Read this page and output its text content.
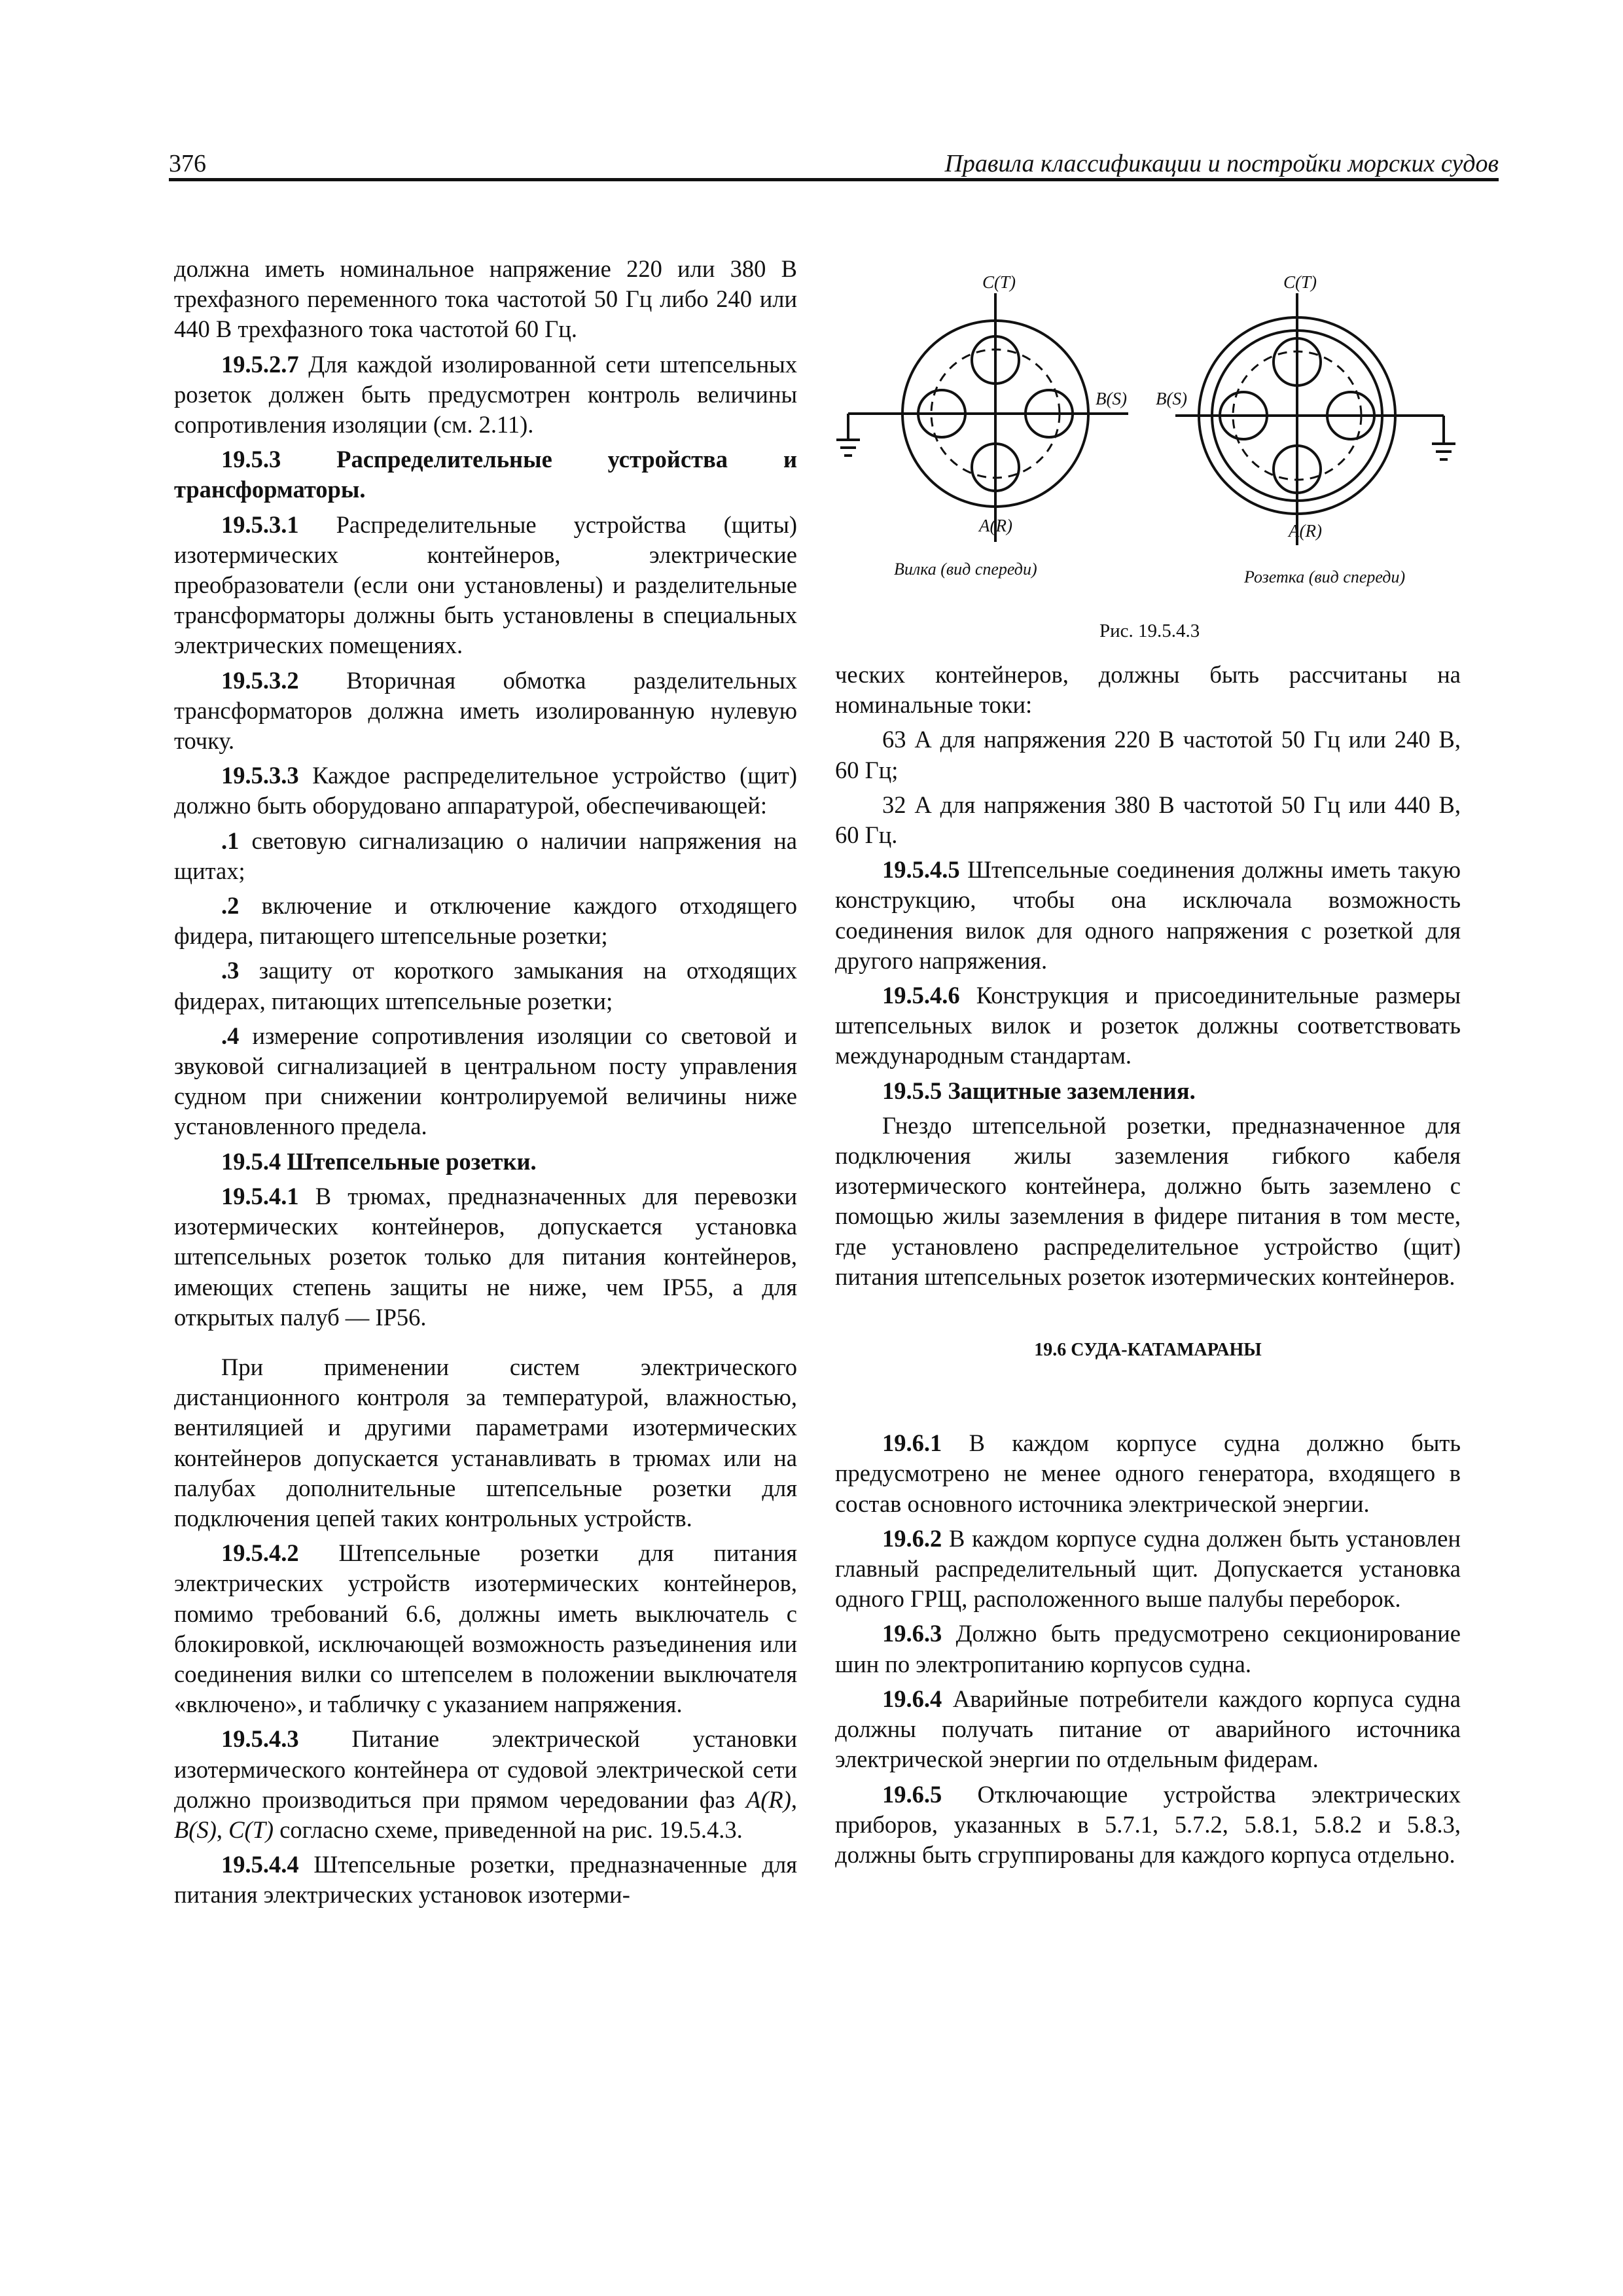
376	Правила классификации и постройки морских судов

должна иметь номинальное напряжение 220 или 380 В трехфазного переменного тока частотой 50 Гц либо 240 или 440 В трехфазного тока частотой 60 Гц.

19.5.2.7 Для каждой изолированной сети штепсельных розеток должен быть предусмотрен контроль величины сопротивления изоляции (см. 2.11).

19.5.3 Распределительные устройства и трансформаторы.

19.5.3.1 Распределительные устройства (щиты) изотермических контейнеров, электрические преобразователи (если они установлены) и разделительные трансформаторы должны быть установлены в специальных электрических помещениях.

19.5.3.2 Вторичная обмотка разделительных трансформаторов должна иметь изолированную нулевую точку.

19.5.3.3 Каждое распределительное устройство (щит) должно быть оборудовано аппаратурой, обеспечивающей:

.1 световую сигнализацию о наличии напряжения на щитах;

.2 включение и отключение каждого отходящего фидера, питающего штепсельные розетки;

.3 защиту от короткого замыкания на отходящих фидерах, питающих штепсельные розетки;

.4 измерение сопротивления изоляции со световой и звуковой сигнализацией в центральном посту управления судном при снижении контролируемой величины ниже установленного предела.

19.5.4 Штепсельные розетки.

19.5.4.1 В трюмах, предназначенных для перевозки изотермических контейнеров, допускается установка штепсельных розеток только для питания контейнеров, имеющих степень защиты не ниже, чем IP55, а для открытых палуб — IP56.

При применении систем электрического дистанционного контроля за температурой, влажностью, вентиляцией и другими параметрами изотермических контейнеров допускается устанавливать в трюмах или на палубах дополнительные штепсельные розетки для подключения цепей таких контрольных устройств.

19.5.4.2 Штепсельные розетки для питания электрических устройств изотермических контейнеров, помимо требований 6.6, должны иметь выключатель с блокировкой, исключающей возможность разъединения или соединения вилки со штепселем в положении выключателя «включено», и табличку с указанием напряжения.

19.5.4.3 Питание электрической установки изотермического контейнера от судовой электрической сети должно производиться при прямом чередовании фаз A(R), B(S), C(T) согласно схеме, приведенной на рис. 19.5.4.3.

19.5.4.4 Штепсельные розетки, предназначенные для питания электрических установок изотерми-

C(T)
B(S)
A(R)
Вилка (вид спереди)
C(T)
B(S)
A(R)
Розетка (вид спереди)
Рис. 19.5.4.3

ческих контейнеров, должны быть рассчитаны на номинальные токи:

63 А для напряжения 220 В частотой 50 Гц или 240 В, 60 Гц;

32 А для напряжения 380 В частотой 50 Гц или 440 В, 60 Гц.

19.5.4.5 Штепсельные соединения должны иметь такую конструкцию, чтобы она исключала возможность соединения вилок для одного напряжения с розеткой для другого напряжения.

19.5.4.6 Конструкция и присоединительные размеры штепсельных вилок и розеток должны соответствовать международным стандартам.

19.5.5 Защитные заземления.

Гнездо штепсельной розетки, предназначенное для подключения жилы заземления гибкого кабеля изотермического контейнера, должно быть заземлено с помощью жилы заземления в фидере питания в том месте, где установлено распределительное устройство (щит) питания штепсельных розеток изотермических контейнеров.

19.6 СУДА-КАТАМАРАНЫ

19.6.1 В каждом корпусе судна должно быть предусмотрено не менее одного генератора, входящего в состав основного источника электрической энергии.

19.6.2 В каждом корпусе судна должен быть установлен главный распределительный щит. Допускается установка одного ГРЩ, расположенного выше палубы переборок.

19.6.3 Должно быть предусмотрено секционирование шин по электропитанию корпусов судна.

19.6.4 Аварийные потребители каждого корпуса судна должны получать питание от аварийного источника электрической энергии по отдельным фидерам.

19.6.5 Отключающие устройства электрических приборов, указанных в 5.7.1, 5.7.2, 5.8.1, 5.8.2 и 5.8.3, должны быть сгруппированы для каждого корпуса отдельно.
